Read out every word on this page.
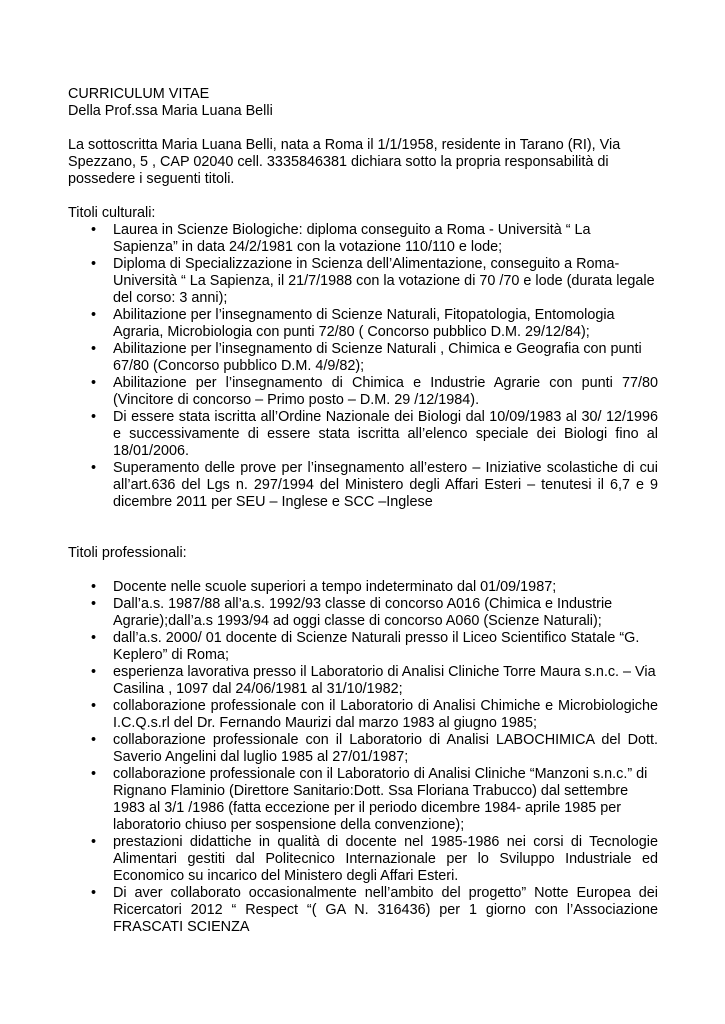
CURRICULUM VITAE

Della Prof.ssa Maria Luana Belli

La sottoscritta Maria Luana Belli, nata a Roma il 1/1/1958, residente in Tarano (RI), Via Spezzano, 5 , CAP 02040 cell. 3335846381 dichiara sotto la propria responsabilità di possedere i seguenti titoli.

Titoli culturali:

• Laurea in Scienze Biologiche: diploma conseguito a Roma - Università “ La Sapienza” in data 24/2/1981 con la votazione 110/110 e lode;
• Diploma di Specializzazione in Scienza dell’Alimentazione, conseguito a Roma- Università “ La Sapienza, il 21/7/1988 con la votazione di 70 /70 e lode (durata legale del corso: 3 anni);
• Abilitazione per l’insegnamento di Scienze Naturali, Fitopatologia, Entomologia Agraria, Microbiologia con punti 72/80 ( Concorso pubblico D.M. 29/12/84);
• Abilitazione per l’insegnamento di Scienze Naturali , Chimica e Geografia con punti 67/80 (Concorso pubblico D.M. 4/9/82);
• Abilitazione per l’insegnamento di Chimica e Industrie Agrarie con punti 77/80 (Vincitore di concorso – Primo posto – D.M. 29 /12/1984).
• Di essere stata iscritta all’Ordine Nazionale dei Biologi dal 10/09/1983 al 30/ 12/1996 e successivamente di essere stata iscritta all’elenco speciale dei Biologi fino al 18/01/2006.
• Superamento delle prove per l’insegnamento all’estero – Iniziative scolastiche di cui all’art.636 del Lgs n. 297/1994 del Ministero degli Affari Esteri – tenutesi il 6,7 e 9 dicembre 2011 per SEU – Inglese e SCC –Inglese

Titoli professionali:

• Docente nelle scuole superiori a tempo indeterminato dal 01/09/1987;
• Dall’a.s. 1987/88 all’a.s. 1992/93 classe di concorso A016 (Chimica e Industrie Agrarie);dall’a.s 1993/94 ad oggi classe di concorso A060 (Scienze Naturali);
• dall’a.s. 2000/ 01 docente di Scienze Naturali presso il Liceo Scientifico Statale “G. Keplero” di Roma;
• esperienza lavorativa presso il Laboratorio di Analisi Cliniche Torre Maura s.n.c. – Via Casilina , 1097 dal 24/06/1981 al 31/10/1982;
• collaborazione professionale con il Laboratorio di Analisi Chimiche e Microbiologiche I.C.Q.s.rl del Dr. Fernando Maurizi dal marzo 1983 al giugno 1985;
• collaborazione professionale con il Laboratorio di Analisi LABOCHIMICA del Dott. Saverio Angelini dal luglio 1985 al 27/01/1987;
• collaborazione professionale con il Laboratorio di Analisi Cliniche “Manzoni s.n.c.” di Rignano Flaminio (Direttore Sanitario:Dott. Ssa Floriana Trabucco) dal settembre 1983 al 3/1 /1986 (fatta eccezione per il periodo dicembre 1984- aprile 1985 per laboratorio chiuso per sospensione della convenzione);
• prestazioni didattiche in qualità di docente nel 1985-1986 nei corsi di Tecnologie Alimentari gestiti dal Politecnico Internazionale per lo Sviluppo Industriale ed Economico su incarico del Ministero degli Affari Esteri.
• Di aver collaborato occasionalmente nell’ambito del progetto” Notte Europea dei Ricercatori 2012 “ Respect “( GA N. 316436) per 1 giorno con l’Associazione FRASCATI SCIENZA
